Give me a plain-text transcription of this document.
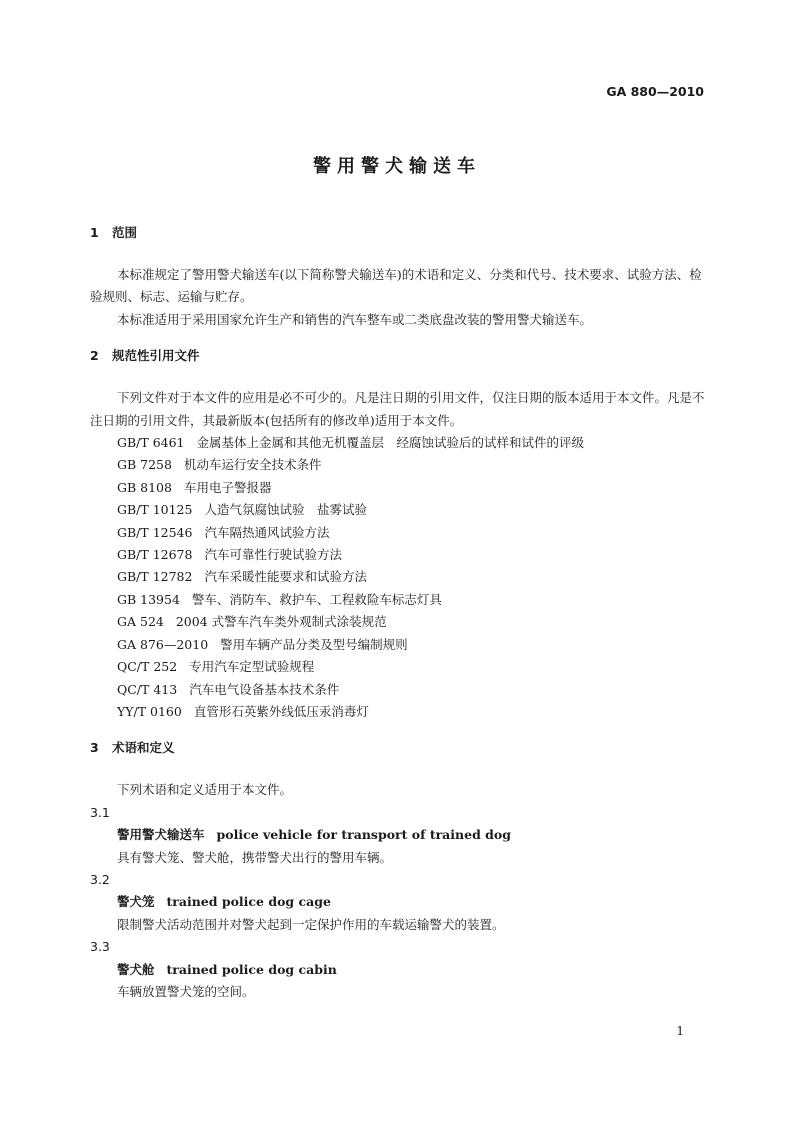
GA 880—2010
警用警犬输送车
1 范围

本标准规定了警用警犬输送车(以下简称警犬输送车)的术语和定义、分类和代号、技术要求、试验方法、检验规则、标志、运输与贮存。

本标准适用于采用国家允许生产和销售的汽车整车或二类底盘改装的警用警犬输送车。

2 规范性引用文件

下列文件对于本文件的应用是必不可少的。凡是注日期的引用文件，仅注日期的版本适用于本文件。凡是不注日期的引用文件，其最新版本(包括所有的修改单)适用于本文件。

GB/T 6461 金属基体上金属和其他无机覆盖层　经腐蚀试验后的试样和试件的评级
GB 7258 机动车运行安全技术条件
GB 8108 车用电子警报器
GB/T 10125 人造气氛腐蚀试验　盐雾试验
GB/T 12546 汽车隔热通风试验方法
GB/T 12678 汽车可靠性行驶试验方法
GB/T 12782 汽车采暖性能要求和试验方法
GB 13954 警车、消防车、救护车、工程救险车标志灯具
GA 524 2004 式警车汽车类外观制式涂装规范
GA 876—2010 警用车辆产品分类及型号编制规则
QC/T 252 专用汽车定型试验规程
QC/T 413 汽车电气设备基本技术条件
YY/T 0160 直管形石英紫外线低压汞消毒灯
3 术语和定义

下列术语和定义适用于本文件。

3.1
警用警犬输送车 police vehicle for transport of trained dog
具有警犬笼、警犬舱，携带警犬出行的警用车辆。
3.2
警犬笼 trained police dog cage
限制警犬活动范围并对警犬起到一定保护作用的车载运输警犬的装置。
3.3
警犬舱 trained police dog cabin
车辆放置警犬笼的空间。
1
